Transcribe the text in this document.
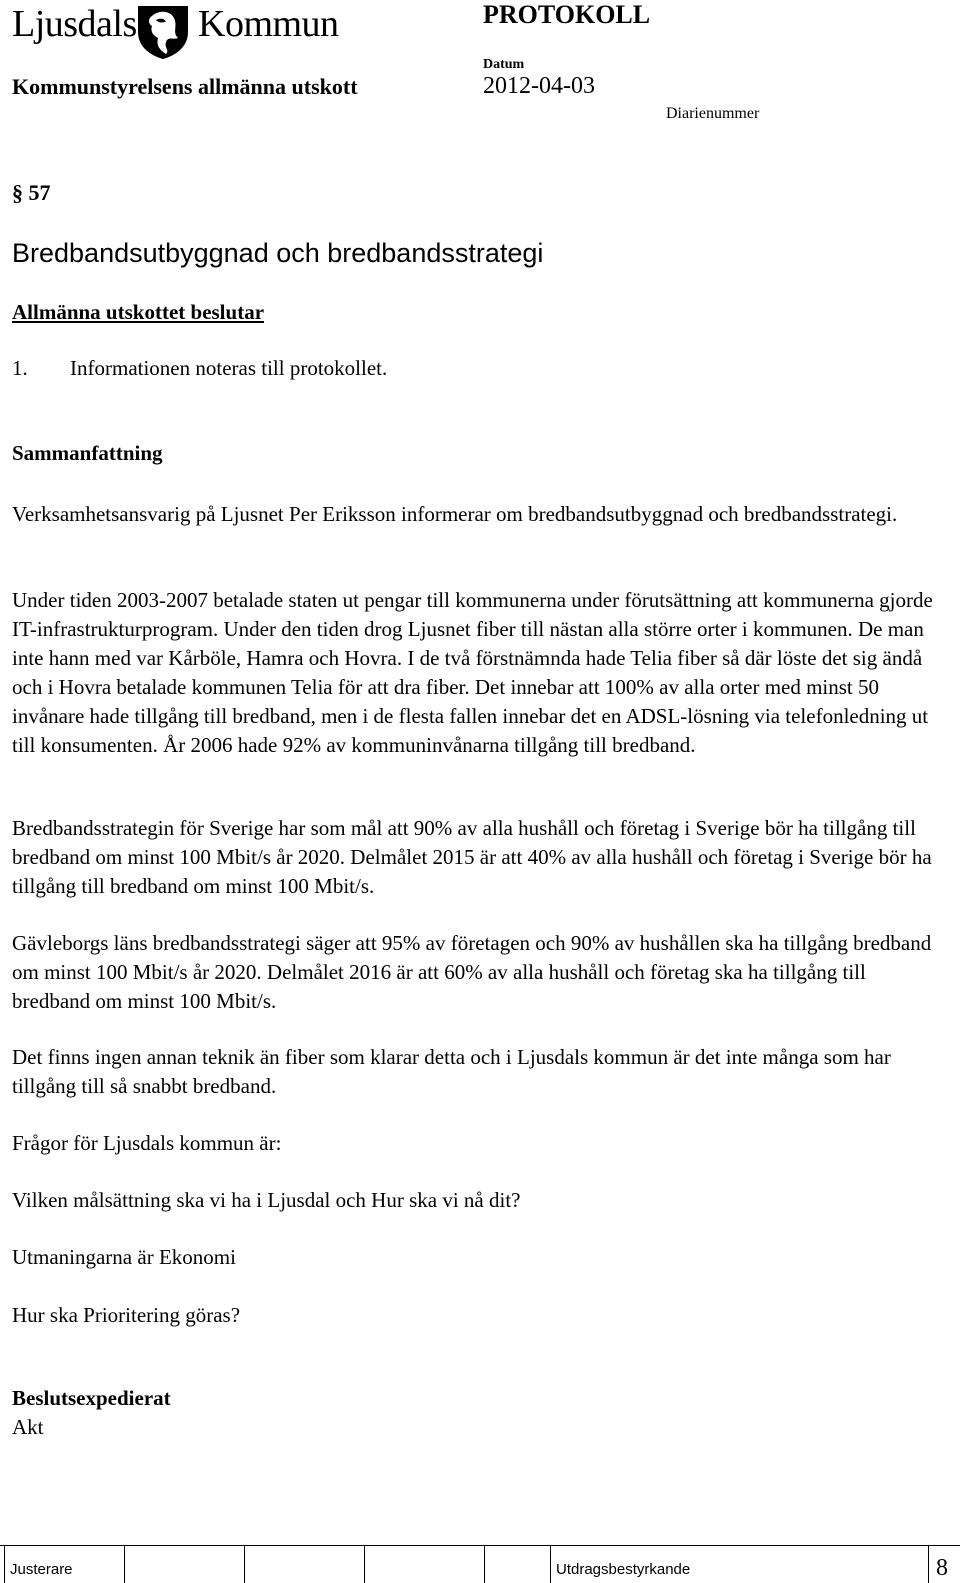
Ljusdals Kommun	PROTOKOLL
Kommunstyrelsens allmänna utskott
Datum
2012-04-03
Diarienummer
§ 57
Bredbandsutbyggnad och bredbandsstrategi
Allmänna utskottet beslutar
1. Informationen noteras till protokollet.
Sammanfattning
Verksamhetsansvarig på Ljusnet Per Eriksson informerar om bredbandsutbyggnad och bredbandsstrategi.
Under tiden 2003-2007 betalade staten ut pengar till kommunerna under förutsättning att kommunerna gjorde IT-infrastrukturprogram. Under den tiden drog Ljusnet fiber till nästan alla större orter i kommunen. De man inte hann med var Kårböle, Hamra och Hovra. I de två förstnämnda hade Telia fiber så där löste det sig ändå och i Hovra betalade kommunen Telia för att dra fiber. Det innebar att 100% av alla orter med minst 50 invånare hade tillgång till bredband, men i de flesta fallen innebar det en ADSL-lösning via telefonledning ut till konsumenten. År 2006 hade 92% av kommuninvånarna tillgång till bredband.
Bredbandsstrategin för Sverige har som mål att 90% av alla hushåll och företag i Sverige bör ha tillgång till bredband om minst 100 Mbit/s år 2020. Delmålet 2015 är att 40% av alla hushåll och företag i Sverige bör ha tillgång till bredband om minst 100 Mbit/s.
Gävleborgs läns bredbandsstrategi säger att 95% av företagen och 90% av hushållen ska ha tillgång bredband om minst 100 Mbit/s år 2020. Delmålet 2016 är att 60% av alla hushåll och företag ska ha tillgång till bredband om minst 100 Mbit/s.
Det finns ingen annan teknik än fiber som klarar detta och i Ljusdals kommun är det inte många som har tillgång till så snabbt bredband.
Frågor för Ljusdals kommun är:
Vilken målsättning ska vi ha i Ljusdal och Hur ska vi nå dit?
Utmaningarna är Ekonomi
Hur ska Prioritering göras?
Beslutsexpedierat
Akt
Justerare	Utdragsbestyrkande	8
